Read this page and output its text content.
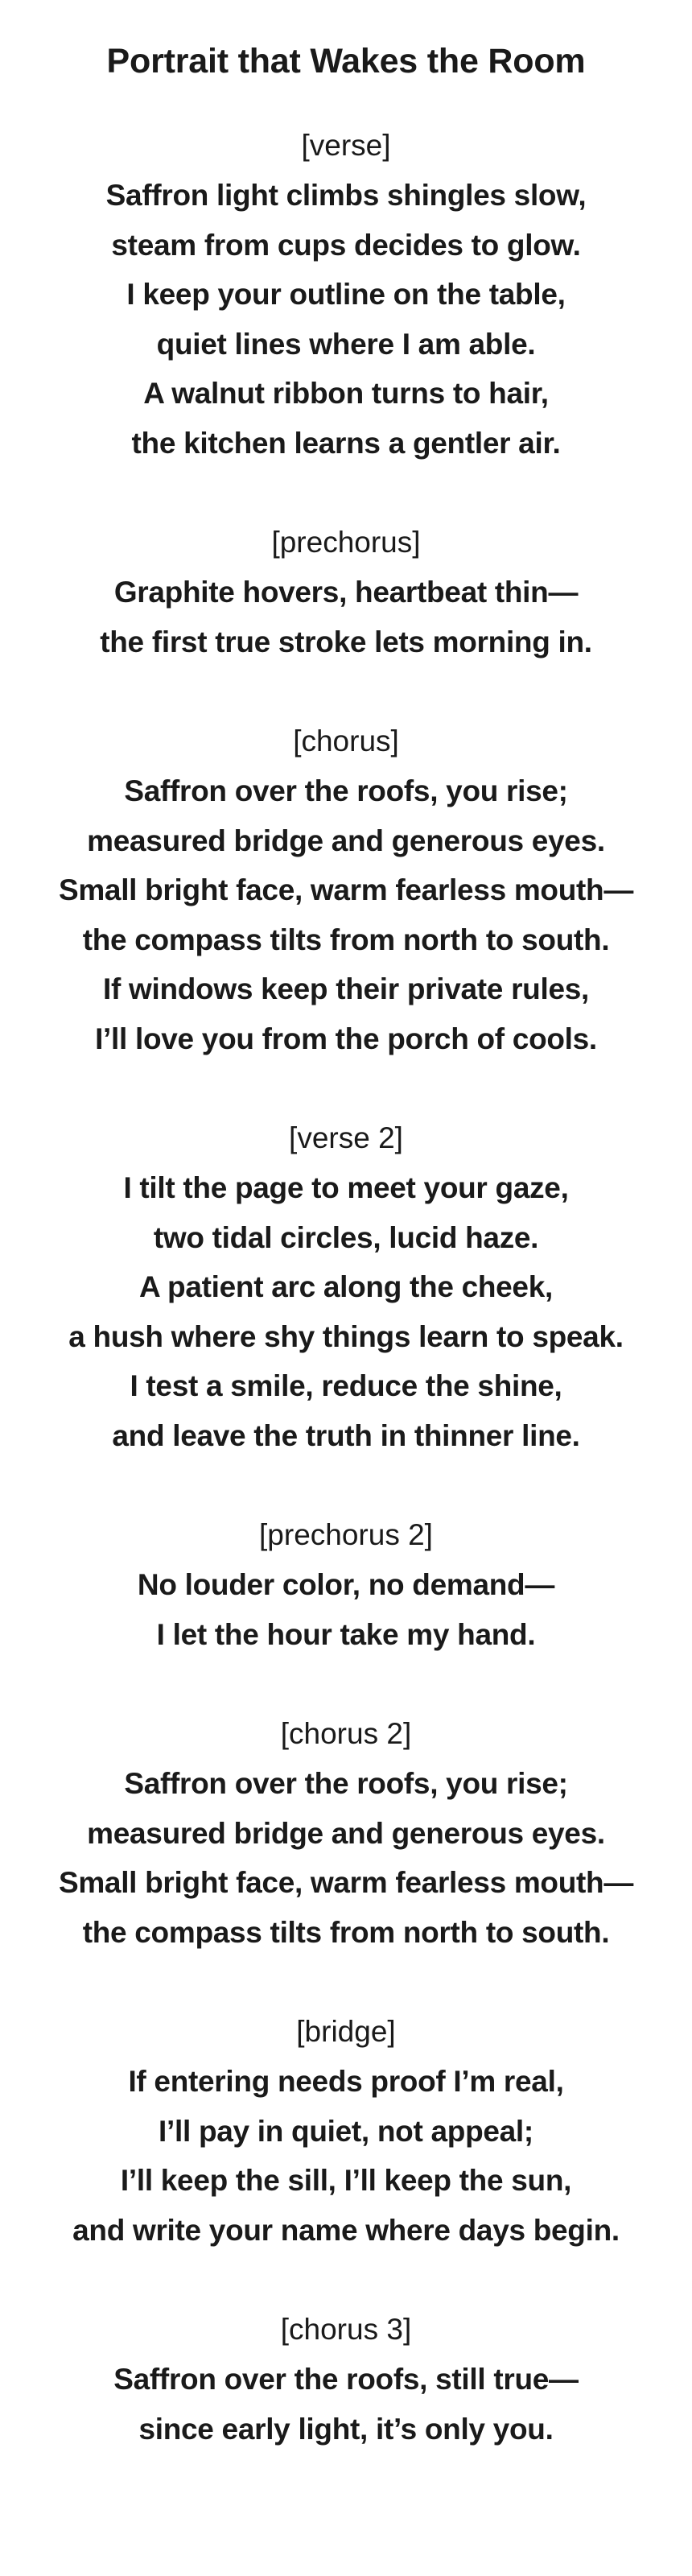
Portrait that Wakes the Room

[verse]

Saffron light climbs shingles slow,

steam from cups decides to glow.

I keep your outline on the table,

quiet lines where I am able.

A walnut ribbon turns to hair,

the kitchen learns a gentler air.

[prechorus]

Graphite hovers, heartbeat thin—

the first true stroke lets morning in.

[chorus]

Saffron over the roofs, you rise;

measured bridge and generous eyes.

Small bright face, warm fearless mouth—

the compass tilts from north to south.

If windows keep their private rules,

I’ll love you from the porch of cools.

[verse 2]

I tilt the page to meet your gaze,

two tidal circles, lucid haze.

A patient arc along the cheek,

a hush where shy things learn to speak.

I test a smile, reduce the shine,

and leave the truth in thinner line.

[prechorus 2]

No louder color, no demand—

I let the hour take my hand.

[chorus 2]

Saffron over the roofs, you rise;

measured bridge and generous eyes.

Small bright face, warm fearless mouth—

the compass tilts from north to south.

[bridge]

If entering needs proof I’m real,

I’ll pay in quiet, not appeal;

I’ll keep the sill, I’ll keep the sun,

and write your name where days begin.

[chorus 3]

Saffron over the roofs, still true—

since early light, it’s only you.
